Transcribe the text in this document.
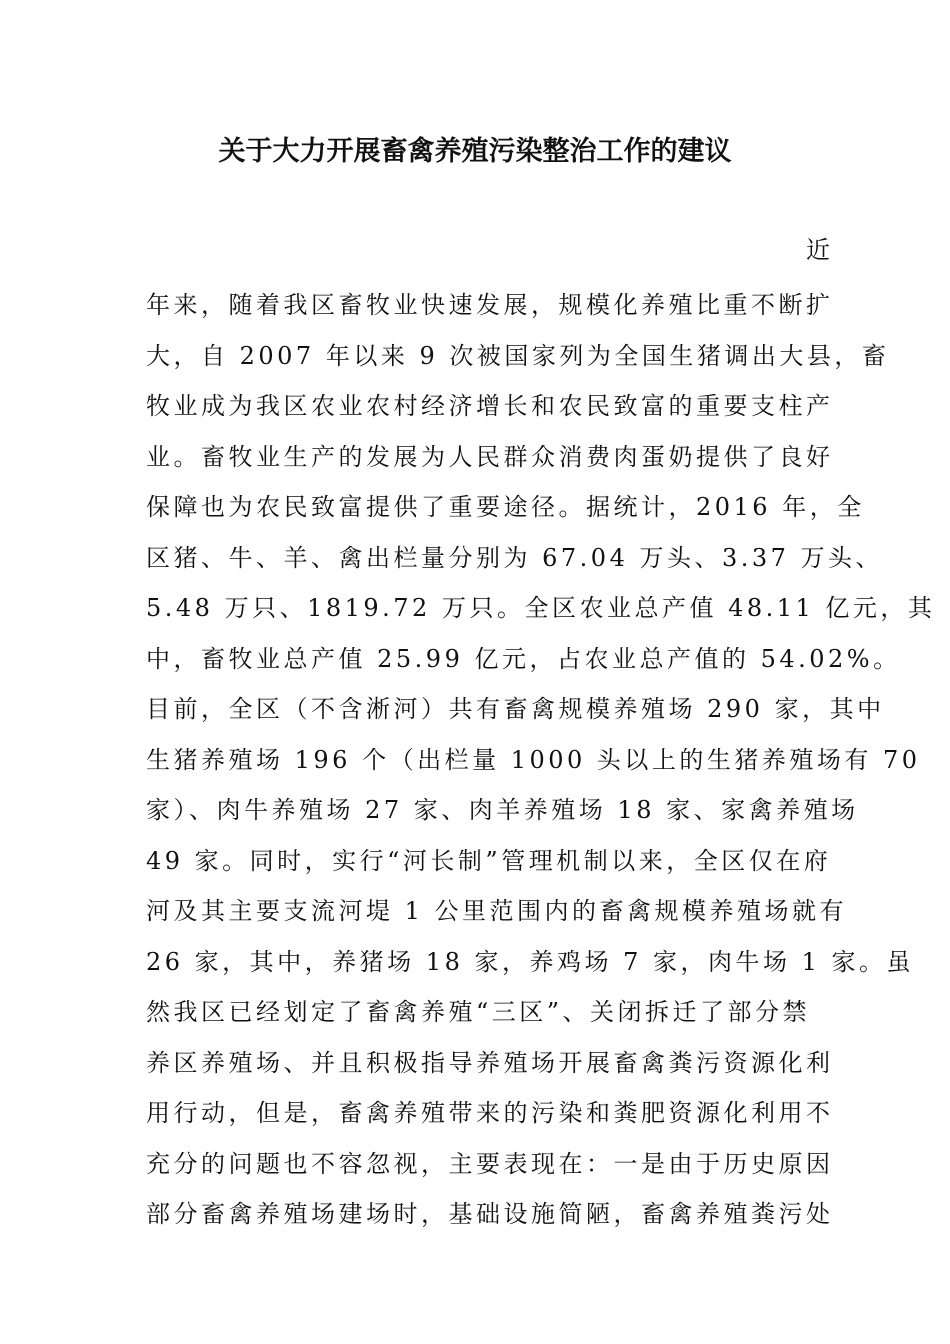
关于大力开展畜禽养殖污染整治工作的建议
近
年来，随着我区畜牧业快速发展，规模化养殖比重不断扩
大，自 2007 年以来 9 次被国家列为全国生猪调出大县，畜
牧业成为我区农业农村经济增长和农民致富的重要支柱产
业。畜牧业生产的发展为人民群众消费肉蛋奶提供了良好
保障也为农民致富提供了重要途径。据统计，2016 年，全
区猪、牛、羊、禽出栏量分别为 67.04 万头、3.37 万头、
5.48 万只、1819.72 万只。全区农业总产值 48.11 亿元，其
中，畜牧业总产值 25.99 亿元，占农业总产值的 54.02%。
目前，全区（不含淅河）共有畜禽规模养殖场 290 家，其中
生猪养殖场 196 个（出栏量 1000 头以上的生猪养殖场有 70
家）、肉牛养殖场 27 家、肉羊养殖场 18 家、家禽养殖场
49 家。同时，实行“河长制”管理机制以来，全区仅在府
河及其主要支流河堤 1 公里范围内的畜禽规模养殖场就有
26 家，其中，养猪场 18 家，养鸡场 7 家，肉牛场 1 家。虽
然我区已经划定了畜禽养殖“三区”、关闭拆迁了部分禁
养区养殖场、并且积极指导养殖场开展畜禽粪污资源化利
用行动，但是，畜禽养殖带来的污染和粪肥资源化利用不
充分的问题也不容忽视，主要表现在：一是由于历史原因
部分畜禽养殖场建场时，基础设施简陋，畜禽养殖粪污处
